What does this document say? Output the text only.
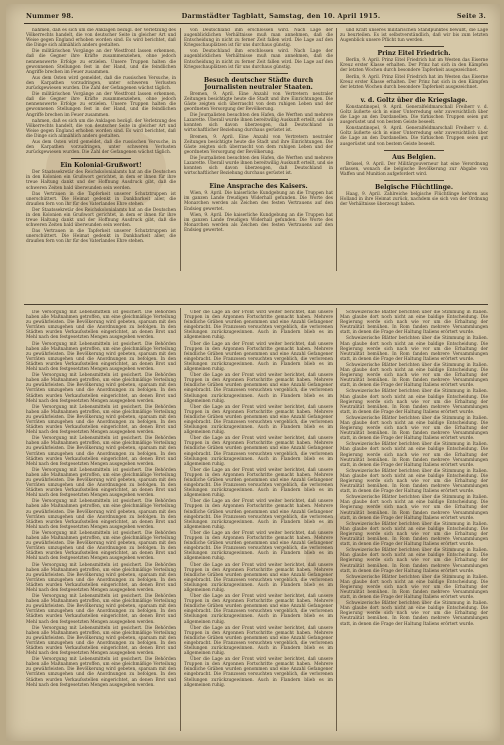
Nummer 98.	Darmstädter Tagblatt, Samstag, den 10. April 1915.	Seite 3.

nahmen, daß es sich um die Anklagen bezügl. der Verletzung des Völkerrechts handelt, die von deutscher Seite in gleicher Art und Weise gegen England erhoben worden sind. Es wird berichtet, daß die Dinge sich allmählich anders gestalten.

Die militärischen Vorgänge an der Westfront lassen erkennen, daß die Gegner ihre Kräfte zusammenziehen, ohne jedoch nennenswerte Erfolge zu erzielen. Unsere Truppen halten die gewonnenen Stellungen fest in der Hand, und die feindlichen Angriffe brechen im Feuer zusammen.

Aus dem Osten wird gemeldet, daß die russischen Versuche, in den Karpathen vorzudringen, unter schweren Verlusten zurückgewiesen wurden. Die Zahl der Gefangenen wächst täglich.

Die militärischen Vorgänge an der Westfront lassen erkennen, daß die Gegner ihre Kräfte zusammenziehen, ohne jedoch nennenswerte Erfolge zu erzielen. Unsere Truppen halten die gewonnenen Stellungen fest in der Hand, und die feindlichen Angriffe brechen im Feuer zusammen.

nahmen, daß es sich um die Anklagen bezügl. der Verletzung des Völkerrechts handelt, die von deutscher Seite in gleicher Art und Weise gegen England erhoben worden sind. Es wird berichtet, daß die Dinge sich allmählich anders gestalten.

Aus dem Osten wird gemeldet, daß die russischen Versuche, in den Karpathen vorzudringen, unter schweren Verlusten zurückgewiesen wurden. Die Zahl der Gefangenen wächst täglich.

Ein Kolonial-Grußwort!

Der Staatssekretär des Reichskolonialamts hat an die Deutschen in den Kolonien ein Grußwort gerichtet, in dem er ihnen für ihre treue Haltung dankt und der Hoffnung Ausdruck gibt, daß die schweren Zeiten bald überwunden sein werden.

Das Vertrauen in die Tapferkeit unserer Schutztruppen ist unerschüttert. Die Heimat gedenkt in Dankbarkeit aller, die draußen fern von ihr für des Vaterlandes Ehre stehen.

Der Staatssekretär des Reichskolonialamts hat an die Deutschen in den Kolonien ein Grußwort gerichtet, in dem er ihnen für ihre treue Haltung dankt und der Hoffnung Ausdruck gibt, daß die schweren Zeiten bald überwunden sein werden.

Das Vertrauen in die Tapferkeit unserer Schutztruppen ist unerschüttert. Die Heimat gedenkt in Dankbarkeit aller, die draußen fern von ihr für des Vaterlandes Ehre stehen.

von Deutschland ihm erschlossen wird. Nach Lage der augenblicklichen Verhältnisse muß man annehmen, daß die Entscheidung in nicht zu ferner Zeit fallen wird. Die Lage auf den Kriegsschauplätzen ist für uns durchaus günstig.

von Deutschland ihm erschlossen wird. Nach Lage der augenblicklichen Verhältnisse muß man annehmen, daß die Entscheidung in nicht zu ferner Zeit fallen wird. Die Lage auf den Kriegsschauplätzen ist für uns durchaus günstig.

Besuch deutscher Städte durch Journalisten neutraler Staaten.

Bremen, 9. April. Eine Anzahl von Vertretern neutraler Zeitungen besichtigte heute die Stadt und ihre Einrichtungen. Die Gäste zeigten sich überrascht von dem ruhigen Leben und der geordneten Versorgung der Bevölkerung.

Die Journalisten besuchten den Hafen, die Werften und mehrere Lazarette. Überall wurde ihnen bereitwillig Auskunft erteilt, und sie konnten sich davon überzeugen, daß Deutschland in wirtschaftlicher Beziehung durchaus gerüstet ist.

Bremen, 9. April. Eine Anzahl von Vertretern neutraler Zeitungen besichtigte heute die Stadt und ihre Einrichtungen. Die Gäste zeigten sich überrascht von dem ruhigen Leben und der geordneten Versorgung der Bevölkerung.

Die Journalisten besuchten den Hafen, die Werften und mehrere Lazarette. Überall wurde ihnen bereitwillig Auskunft erteilt, und sie konnten sich davon überzeugen, daß Deutschland in wirtschaftlicher Beziehung durchaus gerüstet ist.

Eine Ansprache des Kaisers.

Wien, 9. April. Die kaiserliche Kundgebung an die Truppen hat im ganzen Lande freudigen Widerhall gefunden. Die Worte des Monarchen werden als Zeichen des festen Vertrauens auf den Endsieg gewertet.

Wien, 9. April. Die kaiserliche Kundgebung an die Truppen hat im ganzen Lande freudigen Widerhall gefunden. Die Worte des Monarchen werden als Zeichen des festen Vertrauens auf den Endsieg gewertet.

und Kraft unseres militärischen Standpunktes bewußt, die Lage zu beurteilen. Es ist selbstverständlich, daß wir bis zum letzten Augenblick unsere Pflicht tun werden.

Prinz Eitel Friedrich.

Berlin, 9. April. Prinz Eitel Friedrich hat im Westen das Eiserne Kreuz erster Klasse erhalten. Der Prinz hat sich in den Kämpfen der letzten Wochen durch besondere Tapferkeit ausgezeichnet.

Berlin, 9. April. Prinz Eitel Friedrich hat im Westen das Eiserne Kreuz erster Klasse erhalten. Der Prinz hat sich in den Kämpfen der letzten Wochen durch besondere Tapferkeit ausgezeichnet.

v. d. Goltz über die Kriegslage.

Konstantinopel, 9. April. Generalfeldmarschall Freiherr v. d. Goltz äußerte sich in einer Unterredung sehr zuversichtlich über die Lage an den Dardanellen. Die türkischen Truppen seien gut ausgerüstet und von bestem Geiste beseelt.

Konstantinopel, 9. April. Generalfeldmarschall Freiherr v. d. Goltz äußerte sich in einer Unterredung sehr zuversichtlich über die Lage an den Dardanellen. Die türkischen Truppen seien gut ausgerüstet und von bestem Geiste beseelt.

Aus Belgien.

Brüssel, 9. April. Der Militärgouverneur hat eine Verordnung erlassen, wonach die belgische Bevölkerung zur Abgabe von Waffen und Munition aufgefordert wird.

Belgische Flüchtlinge.

Haag, 9. April. Zahlreiche belgische Flüchtlinge kehren aus Holland in ihre Heimat zurück, nachdem sie sich von der Ordnung der Verhältnisse überzeugt haben.

Die Versorgung mit Lebensmitteln ist gesichert. Die Behörden haben alle Maßnahmen getroffen, um eine gleichmäßige Verteilung zu gewährleisten. Die Bevölkerung wird gebeten, sparsam mit den Vorräten umzugehen und die Anordnungen zu befolgen. In den Städten wurden Verkaufsstellen eingerichtet, an denen Brot und Mehl nach den festgesetzten Mengen ausgegeben werden.

Die Versorgung mit Lebensmitteln ist gesichert. Die Behörden haben alle Maßnahmen getroffen, um eine gleichmäßige Verteilung zu gewährleisten. Die Bevölkerung wird gebeten, sparsam mit den Vorräten umzugehen und die Anordnungen zu befolgen. In den Städten wurden Verkaufsstellen eingerichtet, an denen Brot und Mehl nach den festgesetzten Mengen ausgegeben werden.

Die Versorgung mit Lebensmitteln ist gesichert. Die Behörden haben alle Maßnahmen getroffen, um eine gleichmäßige Verteilung zu gewährleisten. Die Bevölkerung wird gebeten, sparsam mit den Vorräten umzugehen und die Anordnungen zu befolgen. In den Städten wurden Verkaufsstellen eingerichtet, an denen Brot und Mehl nach den festgesetzten Mengen ausgegeben werden.

Die Versorgung mit Lebensmitteln ist gesichert. Die Behörden haben alle Maßnahmen getroffen, um eine gleichmäßige Verteilung zu gewährleisten. Die Bevölkerung wird gebeten, sparsam mit den Vorräten umzugehen und die Anordnungen zu befolgen. In den Städten wurden Verkaufsstellen eingerichtet, an denen Brot und Mehl nach den festgesetzten Mengen ausgegeben werden.

Die Versorgung mit Lebensmitteln ist gesichert. Die Behörden haben alle Maßnahmen getroffen, um eine gleichmäßige Verteilung zu gewährleisten. Die Bevölkerung wird gebeten, sparsam mit den Vorräten umzugehen und die Anordnungen zu befolgen. In den Städten wurden Verkaufsstellen eingerichtet, an denen Brot und Mehl nach den festgesetzten Mengen ausgegeben werden.

Die Versorgung mit Lebensmitteln ist gesichert. Die Behörden haben alle Maßnahmen getroffen, um eine gleichmäßige Verteilung zu gewährleisten. Die Bevölkerung wird gebeten, sparsam mit den Vorräten umzugehen und die Anordnungen zu befolgen. In den Städten wurden Verkaufsstellen eingerichtet, an denen Brot und Mehl nach den festgesetzten Mengen ausgegeben werden.

Die Versorgung mit Lebensmitteln ist gesichert. Die Behörden haben alle Maßnahmen getroffen, um eine gleichmäßige Verteilung zu gewährleisten. Die Bevölkerung wird gebeten, sparsam mit den Vorräten umzugehen und die Anordnungen zu befolgen. In den Städten wurden Verkaufsstellen eingerichtet, an denen Brot und Mehl nach den festgesetzten Mengen ausgegeben werden.

Die Versorgung mit Lebensmitteln ist gesichert. Die Behörden haben alle Maßnahmen getroffen, um eine gleichmäßige Verteilung zu gewährleisten. Die Bevölkerung wird gebeten, sparsam mit den Vorräten umzugehen und die Anordnungen zu befolgen. In den Städten wurden Verkaufsstellen eingerichtet, an denen Brot und Mehl nach den festgesetzten Mengen ausgegeben werden.

Die Versorgung mit Lebensmitteln ist gesichert. Die Behörden haben alle Maßnahmen getroffen, um eine gleichmäßige Verteilung zu gewährleisten. Die Bevölkerung wird gebeten, sparsam mit den Vorräten umzugehen und die Anordnungen zu befolgen. In den Städten wurden Verkaufsstellen eingerichtet, an denen Brot und Mehl nach den festgesetzten Mengen ausgegeben werden.

Die Versorgung mit Lebensmitteln ist gesichert. Die Behörden haben alle Maßnahmen getroffen, um eine gleichmäßige Verteilung zu gewährleisten. Die Bevölkerung wird gebeten, sparsam mit den Vorräten umzugehen und die Anordnungen zu befolgen. In den Städten wurden Verkaufsstellen eingerichtet, an denen Brot und Mehl nach den festgesetzten Mengen ausgegeben werden.

Die Versorgung mit Lebensmitteln ist gesichert. Die Behörden haben alle Maßnahmen getroffen, um eine gleichmäßige Verteilung zu gewährleisten. Die Bevölkerung wird gebeten, sparsam mit den Vorräten umzugehen und die Anordnungen zu befolgen. In den Städten wurden Verkaufsstellen eingerichtet, an denen Brot und Mehl nach den festgesetzten Mengen ausgegeben werden.

Die Versorgung mit Lebensmitteln ist gesichert. Die Behörden haben alle Maßnahmen getroffen, um eine gleichmäßige Verteilung zu gewährleisten. Die Bevölkerung wird gebeten, sparsam mit den Vorräten umzugehen und die Anordnungen zu befolgen. In den Städten wurden Verkaufsstellen eingerichtet, an denen Brot und Mehl nach den festgesetzten Mengen ausgegeben werden.

Über die Lage an der Front wird weiter berichtet, daß unsere Truppen in den Argonnen Fortschritte gemacht haben. Mehrere feindliche Gräben wurden genommen und eine Anzahl Gefangener eingebracht. Die Franzosen versuchten vergeblich, die verlorenen Stellungen zurückzugewinnen. Auch in Flandern blieb es im allgemeinen ruhig.

Über die Lage an der Front wird weiter berichtet, daß unsere Truppen in den Argonnen Fortschritte gemacht haben. Mehrere feindliche Gräben wurden genommen und eine Anzahl Gefangener eingebracht. Die Franzosen versuchten vergeblich, die verlorenen Stellungen zurückzugewinnen. Auch in Flandern blieb es im allgemeinen ruhig.

Über die Lage an der Front wird weiter berichtet, daß unsere Truppen in den Argonnen Fortschritte gemacht haben. Mehrere feindliche Gräben wurden genommen und eine Anzahl Gefangener eingebracht. Die Franzosen versuchten vergeblich, die verlorenen Stellungen zurückzugewinnen. Auch in Flandern blieb es im allgemeinen ruhig.

Über die Lage an der Front wird weiter berichtet, daß unsere Truppen in den Argonnen Fortschritte gemacht haben. Mehrere feindliche Gräben wurden genommen und eine Anzahl Gefangener eingebracht. Die Franzosen versuchten vergeblich, die verlorenen Stellungen zurückzugewinnen. Auch in Flandern blieb es im allgemeinen ruhig.

Über die Lage an der Front wird weiter berichtet, daß unsere Truppen in den Argonnen Fortschritte gemacht haben. Mehrere feindliche Gräben wurden genommen und eine Anzahl Gefangener eingebracht. Die Franzosen versuchten vergeblich, die verlorenen Stellungen zurückzugewinnen. Auch in Flandern blieb es im allgemeinen ruhig.

Über die Lage an der Front wird weiter berichtet, daß unsere Truppen in den Argonnen Fortschritte gemacht haben. Mehrere feindliche Gräben wurden genommen und eine Anzahl Gefangener eingebracht. Die Franzosen versuchten vergeblich, die verlorenen Stellungen zurückzugewinnen. Auch in Flandern blieb es im allgemeinen ruhig.

Über die Lage an der Front wird weiter berichtet, daß unsere Truppen in den Argonnen Fortschritte gemacht haben. Mehrere feindliche Gräben wurden genommen und eine Anzahl Gefangener eingebracht. Die Franzosen versuchten vergeblich, die verlorenen Stellungen zurückzugewinnen. Auch in Flandern blieb es im allgemeinen ruhig.

Über die Lage an der Front wird weiter berichtet, daß unsere Truppen in den Argonnen Fortschritte gemacht haben. Mehrere feindliche Gräben wurden genommen und eine Anzahl Gefangener eingebracht. Die Franzosen versuchten vergeblich, die verlorenen Stellungen zurückzugewinnen. Auch in Flandern blieb es im allgemeinen ruhig.

Über die Lage an der Front wird weiter berichtet, daß unsere Truppen in den Argonnen Fortschritte gemacht haben. Mehrere feindliche Gräben wurden genommen und eine Anzahl Gefangener eingebracht. Die Franzosen versuchten vergeblich, die verlorenen Stellungen zurückzugewinnen. Auch in Flandern blieb es im allgemeinen ruhig.

Über die Lage an der Front wird weiter berichtet, daß unsere Truppen in den Argonnen Fortschritte gemacht haben. Mehrere feindliche Gräben wurden genommen und eine Anzahl Gefangener eingebracht. Die Franzosen versuchten vergeblich, die verlorenen Stellungen zurückzugewinnen. Auch in Flandern blieb es im allgemeinen ruhig.

Über die Lage an der Front wird weiter berichtet, daß unsere Truppen in den Argonnen Fortschritte gemacht haben. Mehrere feindliche Gräben wurden genommen und eine Anzahl Gefangener eingebracht. Die Franzosen versuchten vergeblich, die verlorenen Stellungen zurückzugewinnen. Auch in Flandern blieb es im allgemeinen ruhig.

Über die Lage an der Front wird weiter berichtet, daß unsere Truppen in den Argonnen Fortschritte gemacht haben. Mehrere feindliche Gräben wurden genommen und eine Anzahl Gefangener eingebracht. Die Franzosen versuchten vergeblich, die verlorenen Stellungen zurückzugewinnen. Auch in Flandern blieb es im allgemeinen ruhig.

Schweizerische Blätter berichten über die Stimmung in Italien. Man glaube dort noch nicht an eine baldige Entscheidung. Die Regierung werde sich nach wie vor um die Erhaltung der Neutralität bemühen. In Rom fanden mehrere Versammlungen statt, in denen die Frage der Haltung Italiens erörtert wurde.

Schweizerische Blätter berichten über die Stimmung in Italien. Man glaube dort noch nicht an eine baldige Entscheidung. Die Regierung werde sich nach wie vor um die Erhaltung der Neutralität bemühen. In Rom fanden mehrere Versammlungen statt, in denen die Frage der Haltung Italiens erörtert wurde.

Schweizerische Blätter berichten über die Stimmung in Italien. Man glaube dort noch nicht an eine baldige Entscheidung. Die Regierung werde sich nach wie vor um die Erhaltung der Neutralität bemühen. In Rom fanden mehrere Versammlungen statt, in denen die Frage der Haltung Italiens erörtert wurde.

Schweizerische Blätter berichten über die Stimmung in Italien. Man glaube dort noch nicht an eine baldige Entscheidung. Die Regierung werde sich nach wie vor um die Erhaltung der Neutralität bemühen. In Rom fanden mehrere Versammlungen statt, in denen die Frage der Haltung Italiens erörtert wurde.

Schweizerische Blätter berichten über die Stimmung in Italien. Man glaube dort noch nicht an eine baldige Entscheidung. Die Regierung werde sich nach wie vor um die Erhaltung der Neutralität bemühen. In Rom fanden mehrere Versammlungen statt, in denen die Frage der Haltung Italiens erörtert wurde.

Schweizerische Blätter berichten über die Stimmung in Italien. Man glaube dort noch nicht an eine baldige Entscheidung. Die Regierung werde sich nach wie vor um die Erhaltung der Neutralität bemühen. In Rom fanden mehrere Versammlungen statt, in denen die Frage der Haltung Italiens erörtert wurde.

Schweizerische Blätter berichten über die Stimmung in Italien. Man glaube dort noch nicht an eine baldige Entscheidung. Die Regierung werde sich nach wie vor um die Erhaltung der Neutralität bemühen. In Rom fanden mehrere Versammlungen statt, in denen die Frage der Haltung Italiens erörtert wurde.

Schweizerische Blätter berichten über die Stimmung in Italien. Man glaube dort noch nicht an eine baldige Entscheidung. Die Regierung werde sich nach wie vor um die Erhaltung der Neutralität bemühen. In Rom fanden mehrere Versammlungen statt, in denen die Frage der Haltung Italiens erörtert wurde.

Schweizerische Blätter berichten über die Stimmung in Italien. Man glaube dort noch nicht an eine baldige Entscheidung. Die Regierung werde sich nach wie vor um die Erhaltung der Neutralität bemühen. In Rom fanden mehrere Versammlungen statt, in denen die Frage der Haltung Italiens erörtert wurde.

Schweizerische Blätter berichten über die Stimmung in Italien. Man glaube dort noch nicht an eine baldige Entscheidung. Die Regierung werde sich nach wie vor um die Erhaltung der Neutralität bemühen. In Rom fanden mehrere Versammlungen statt, in denen die Frage der Haltung Italiens erörtert wurde.

Schweizerische Blätter berichten über die Stimmung in Italien. Man glaube dort noch nicht an eine baldige Entscheidung. Die Regierung werde sich nach wie vor um die Erhaltung der Neutralität bemühen. In Rom fanden mehrere Versammlungen statt, in denen die Frage der Haltung Italiens erörtert wurde.

Schweizerische Blätter berichten über die Stimmung in Italien. Man glaube dort noch nicht an eine baldige Entscheidung. Die Regierung werde sich nach wie vor um die Erhaltung der Neutralität bemühen. In Rom fanden mehrere Versammlungen statt, in denen die Frage der Haltung Italiens erörtert wurde.
